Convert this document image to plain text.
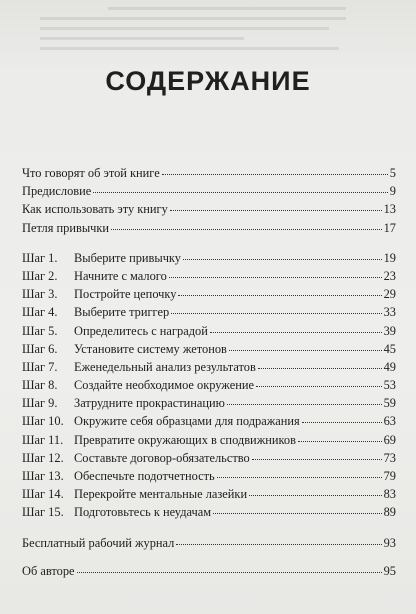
СОДЕРЖАНИЕ
Что говорят об этой книге	5
Предисловие	9
Как использовать эту книгу	13
Петля привычки	17
Шаг 1.	Выберите привычку	19
Шаг 2.	Начните с малого	23
Шаг 3.	Постройте цепочку	29
Шаг 4.	Выберите триггер	33
Шаг 5.	Определитесь с наградой	39
Шаг 6.	Установите систему жетонов	45
Шаг 7.	Еженедельный анализ результатов	49
Шаг 8.	Создайте необходимое окружение	53
Шаг 9.	Затрудните прокрастинацию	59
Шаг 10. Окружите себя образцами для подражания	63
Шаг 11. Превратите окружающих в сподвижников	69
Шаг 12. Составьте договор-обязательство	73
Шаг 13. Обеспечьте подотчетность	79
Шаг 14. Перекройте ментальные лазейки	83
Шаг 15. Подготовьтесь к неудачам	89
Бесплатный рабочий журнал	93
Об авторе	95
